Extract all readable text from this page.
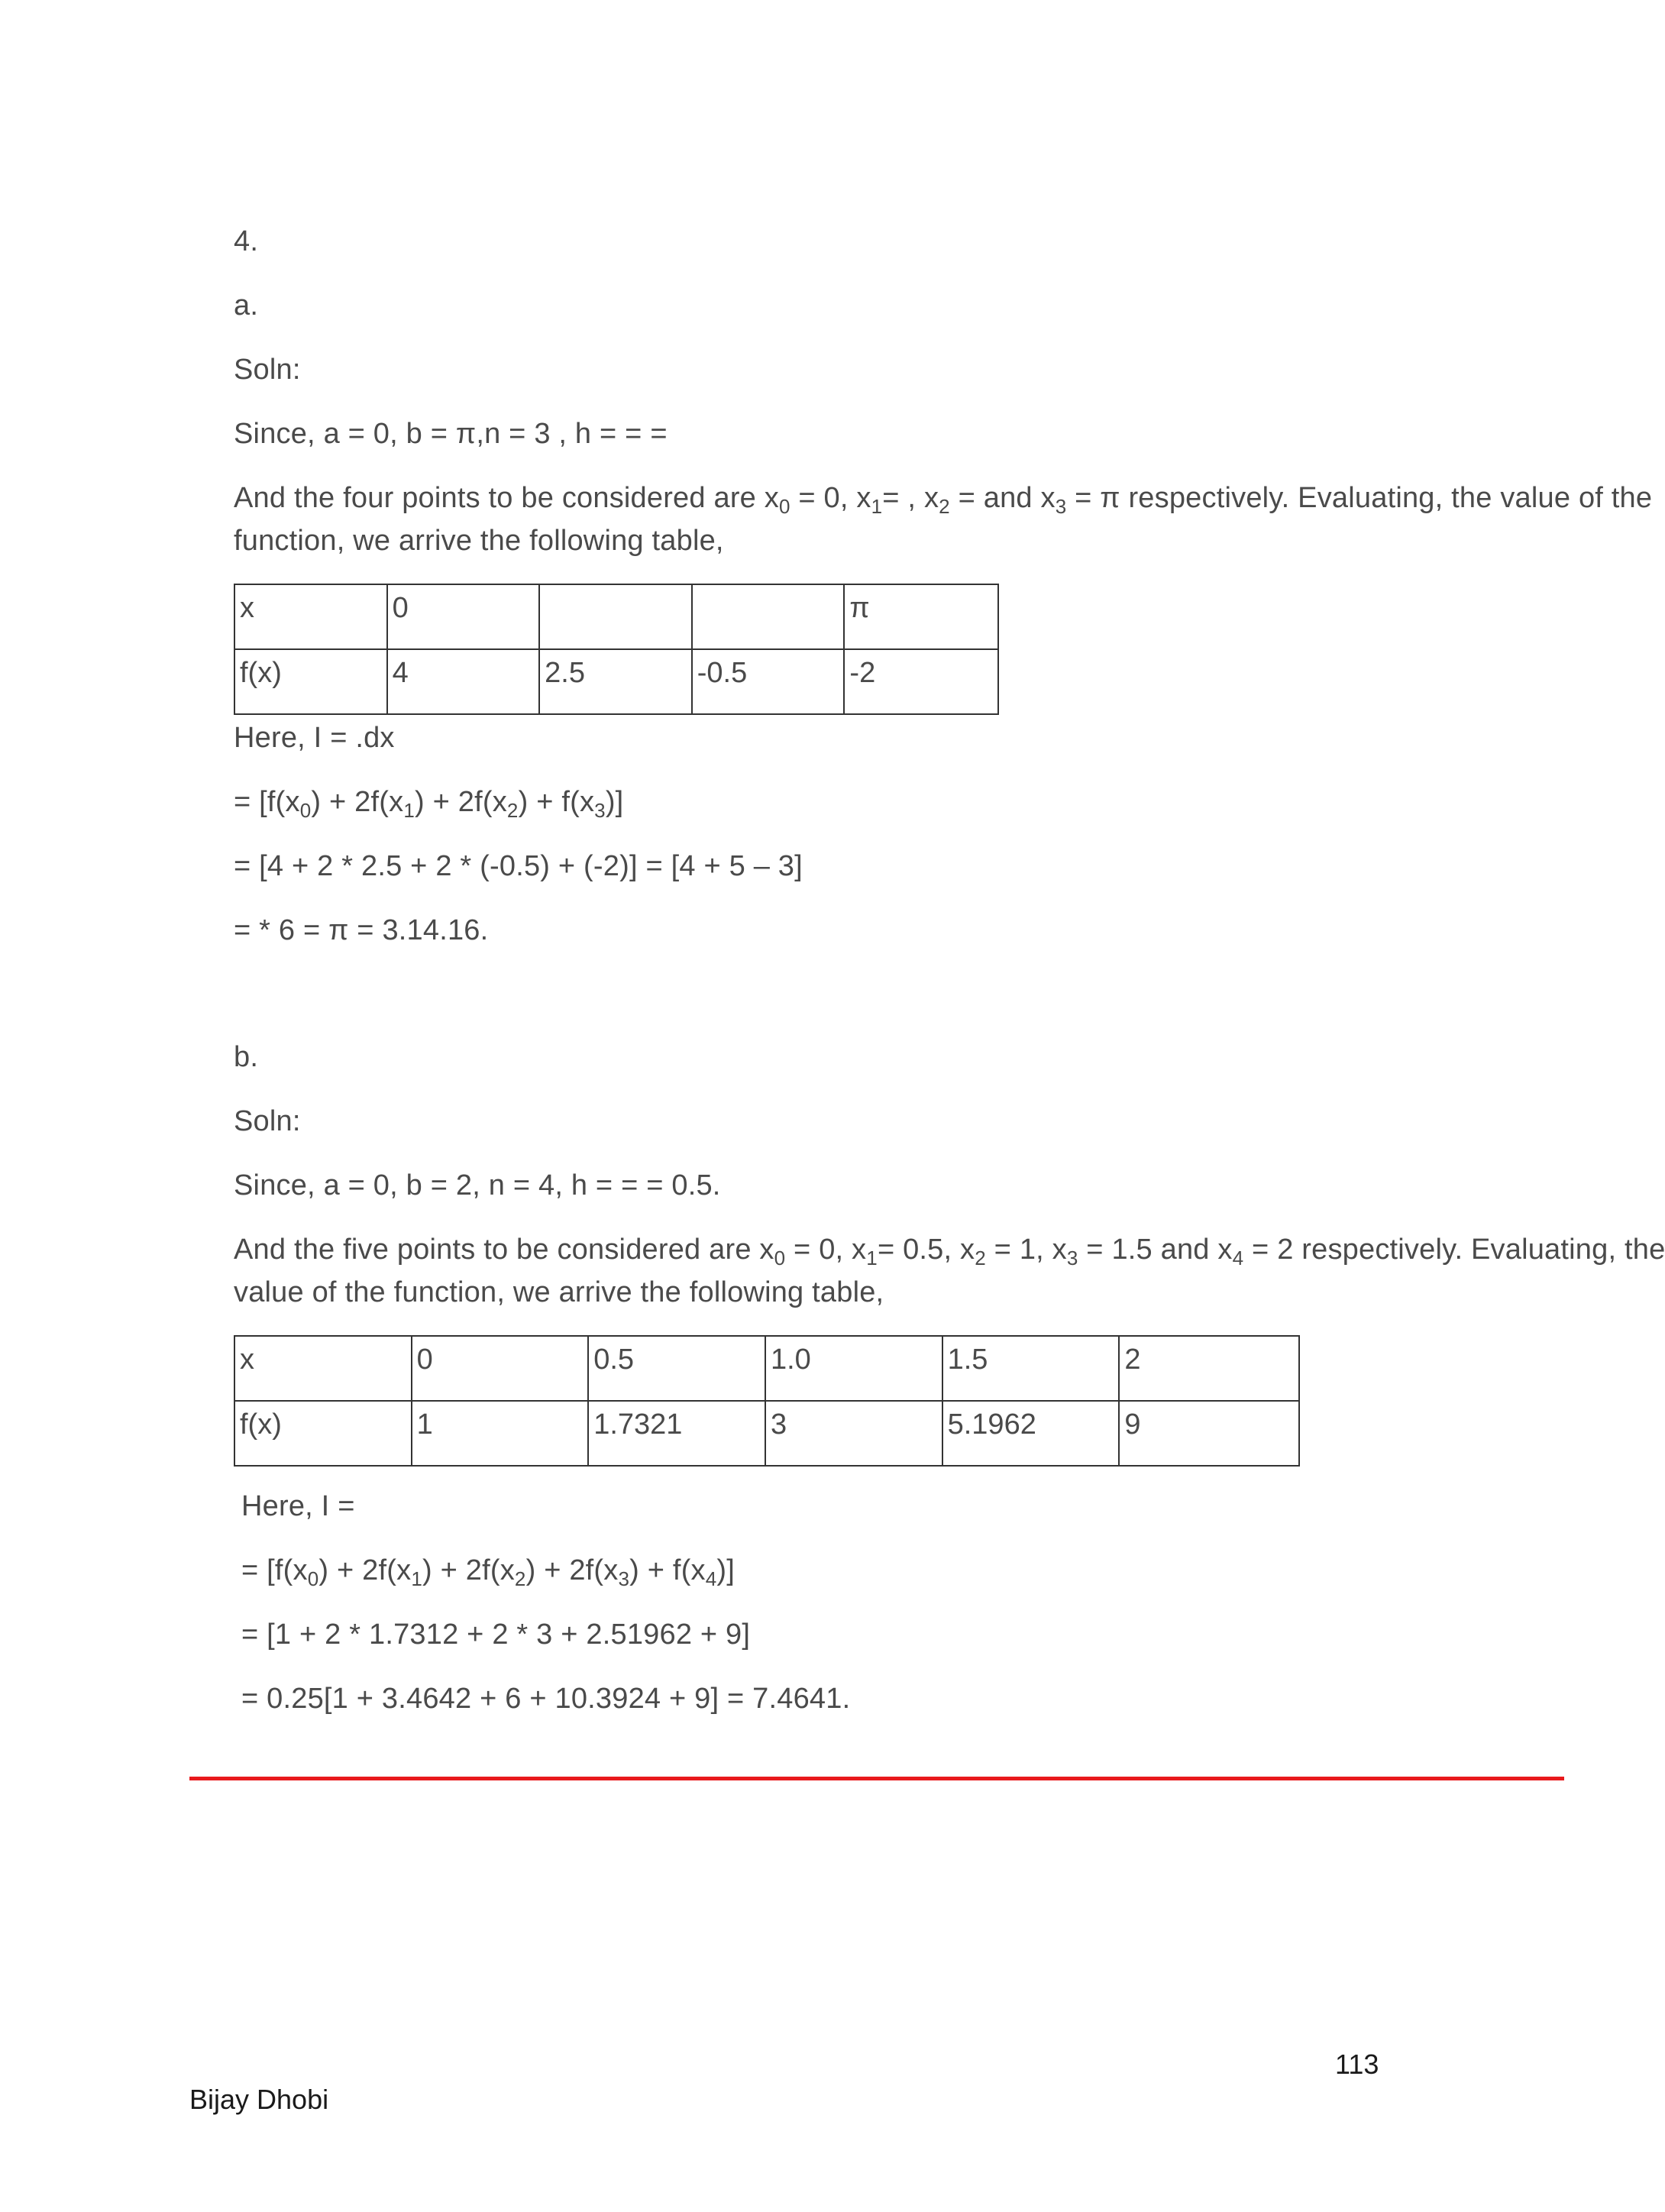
4.
a.
Soln:
Since, a = 0, b = π,n = 3 , h = = =
And the four points to be considered are $x_0 = 0$, $x_1=$ , $x_2$ = and $x_3 = \pi$ respectively. Evaluating, the value of the
function, we arrive the following table,
x	0			π
f(x)	4	2.5	-0.5	-2
Here, I = .dx
= $[f(x_0) + 2f(x_1) + 2f(x_2) + f(x_3)]$
= [4 + 2 * 2.5 + 2 * (-0.5) + (-2)] = [4 + 5 – 3]
= * 6 = π = 3.14.16.
b.
Soln:
Since, a = 0, b = 2, n = 4, h = = = 0.5.
And the five points to be considered are $x_0 = 0$, $x_1= 0.5$, $x_2 = 1$, $x_3 = 1.5$ and $x_4 = 2$ respectively. Evaluating, the
value of the function, we arrive the following table,
x	0	0.5	1.0	1.5	2
f(x)	1	1.7321	3	5.1962	9
Here, I =
= $[f(x_0) + 2f(x_1) + 2f(x_2) + 2f(x_3) + f(x_4)]$
= [1 + 2 * 1.7312 + 2 * 3 + 2.51962 + 9]
= 0.25[1 + 3.4642 + 6 + 10.3924 + 9] = 7.4641.
113
Bijay Dhobi
